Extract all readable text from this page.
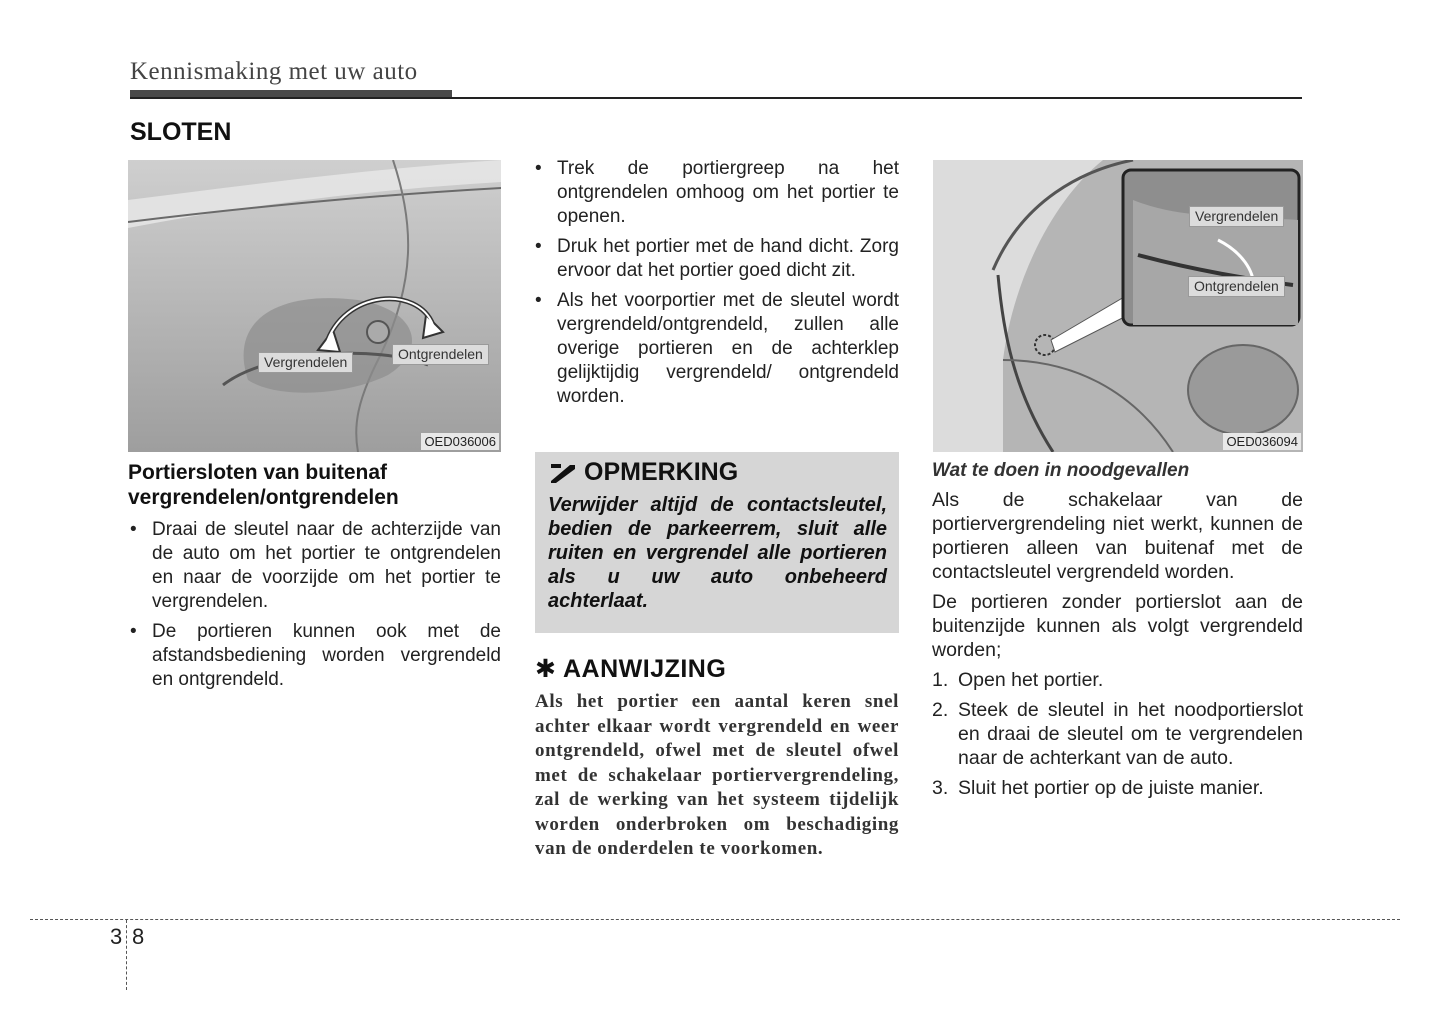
Kennismaking met uw auto
SLOTEN
Vergrendelen	Ontgrendelen
OED036006
Portiersloten van buitenaf
vergrendelen/ontgrendelen
• Draai de sleutel naar de achterzijde van de auto om het portier te ontgrendelen en naar de voorzijde om het portier te vergrendelen.
• De portieren kunnen ook met de afstandsbediening worden vergrendeld en ontgrendeld.
• Trek de portiergreep na het ontgrendelen omhoog om het portier te openen.
• Druk het portier met de hand dicht. Zorg ervoor dat het portier goed dicht zit.
• Als het voorportier met de sleutel wordt vergrendeld/ontgrendeld, zullen alle overige portieren en de achterklep gelijktijdig vergrendeld/ ontgrendeld worden.
OPMERKING
Verwijder altijd de contactsleutel, bedien de parkeerrem, sluit alle ruiten en vergrendel alle portieren als u uw auto onbeheerd achterlaat.
✱ AANWIJZING
Als het portier een aantal keren snel achter elkaar wordt vergrendeld en weer ontgrendeld, ofwel met de sleutel ofwel met de schakelaar portiervergrendeling, zal de werking van het systeem tijdelijk worden onderbroken om beschadiging van de onderdelen te voorkomen.
Vergrendelen
Ontgrendelen
OED036094
Wat te doen in noodgevallen

Als de schakelaar van de portiervergrendeling niet werkt, kunnen de portieren alleen van buitenaf met de contactsleutel vergrendeld worden.

De portieren zonder portierslot aan de buitenzijde kunnen als volgt vergrendeld worden;

1. Open het portier.
2. Steek de sleutel in het noodportierslot en draai de sleutel om te vergrendelen naar de achterkant van de auto.
3. Sluit het portier op de juiste manier.
3 8
